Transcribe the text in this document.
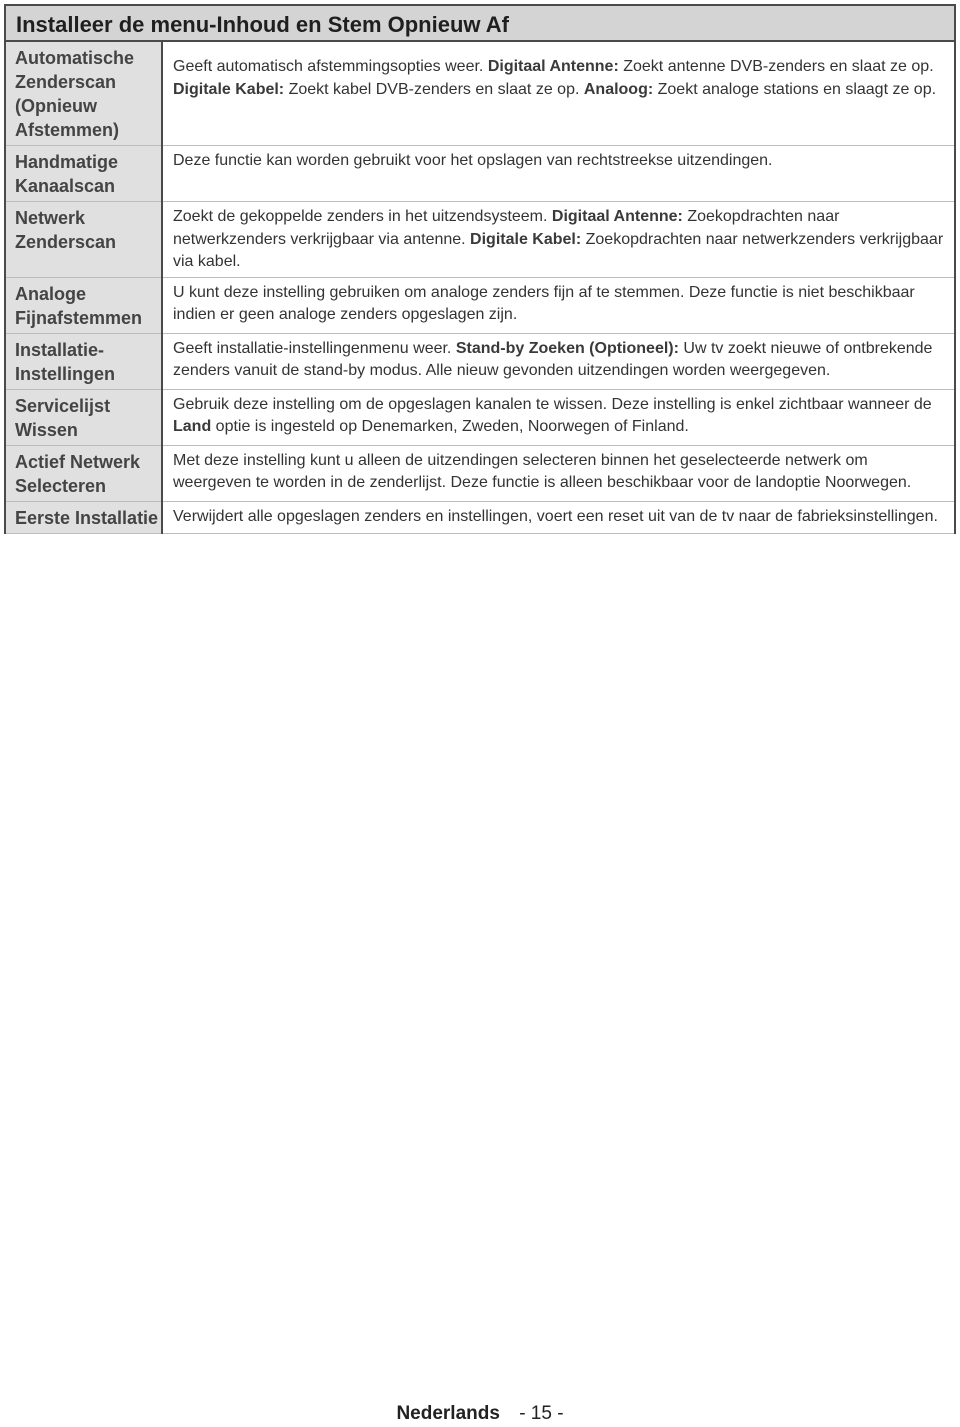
Installeer de menu-Inhoud en Stem Opnieuw Af	
Automatische Zenderscan (Opnieuw Afstemmen)	Geeft automatisch afstemmingsopties weer. Digitaal Antenne: Zoekt antenne DVB-zenders en slaat ze op. Digitale Kabel: Zoekt kabel DVB-zenders en slaat ze op. Analoog: Zoekt analoge stations en slaagt ze op.
Handmatige Kanaalscan	Deze functie kan worden gebruikt voor het opslagen van rechtstreekse uitzendingen.
Netwerk Zenderscan	Zoekt de gekoppelde zenders in het uitzendsysteem. Digitaal Antenne: Zoekopdrachten naar netwerkzenders verkrijgbaar via antenne. Digitale Kabel: Zoekopdrachten naar netwerkzenders verkrijgbaar via kabel.
Analoge Fijnafstemmen	U kunt deze instelling gebruiken om analoge zenders fijn af te stemmen. Deze functie is niet beschikbaar indien er geen analoge zenders opgeslagen zijn.
Installatie-Instellingen	Geeft installatie-instellingenmenu weer. Stand-by Zoeken (Optioneel): Uw tv zoekt nieuwe of ontbrekende zenders vanuit de stand-by modus. Alle nieuw gevonden uitzendingen worden weergegeven.
Servicelijst Wissen	Gebruik deze instelling om de opgeslagen kanalen te wissen. Deze instelling is enkel zichtbaar wanneer de Land optie is ingesteld op Denemarken, Zweden, Noorwegen of Finland.
Actief Netwerk Selecteren	Met deze instelling kunt u alleen de uitzendingen selecteren binnen het geselecteerde netwerk om weergeven te worden in de zenderlijst. Deze functie is alleen beschikbaar voor de landoptie Noorwegen.
Eerste Installatie	Verwijdert alle opgeslagen zenders en instellingen, voert een reset uit van de tv naar de fabrieksinstellingen.
Nederlands - 15 -
